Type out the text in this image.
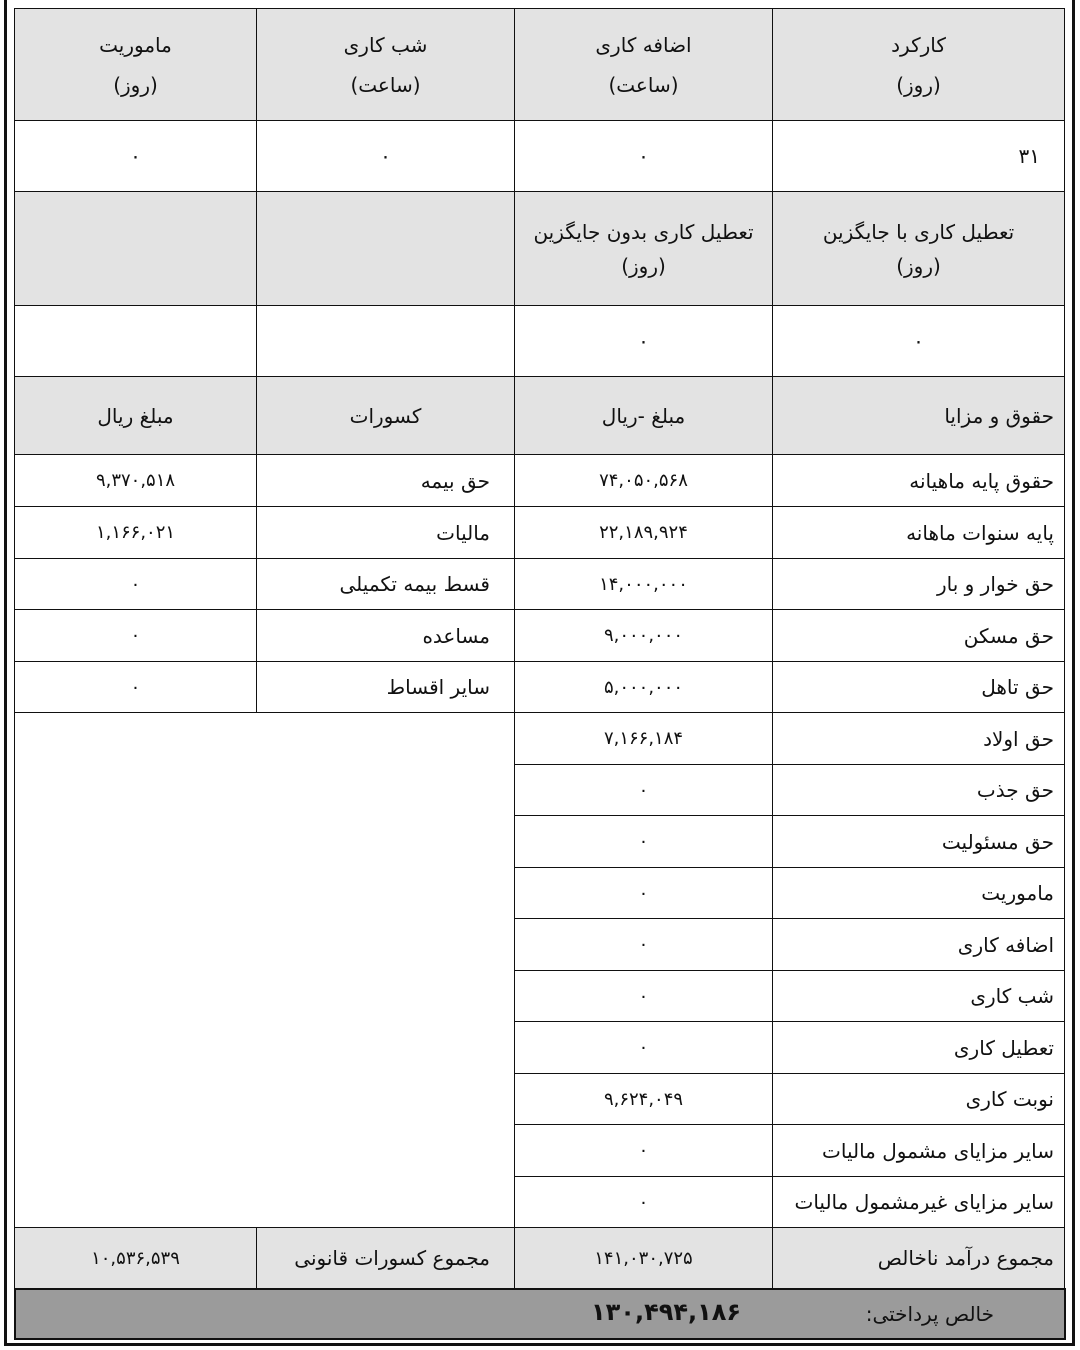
کارکرد
(روز)
اضافه کاری
(ساعت)
شب کاری
(ساعت)
ماموریت
(روز)
۳۱
۰
۰
۰
تعطیل کاری با جایگزین
(روز)
تعطیل کاری بدون جایگزین
(روز)
۰
۰
حقوق و مزایا
مبلغ -ریال
کسورات
مبلغ ریال
حقوق پایه ماهیانه
۷۴,۰۵۰,۵۶۸
پایه سنوات ماهانه
۲۲,۱۸۹,۹۲۴
حق خوار و بار
۱۴,۰۰۰,۰۰۰
حق مسکن
۹,۰۰۰,۰۰۰
حق تاهل
۵,۰۰۰,۰۰۰
حق اولاد
۷,۱۶۶,۱۸۴
حق جذب
۰
حق مسئولیت
۰
ماموریت
۰
اضافه کاری
۰
شب کاری
۰
تعطیل کاری
۰
نوبت کاری
۹,۶۲۴,۰۴۹
سایر مزایای مشمول مالیات
۰
سایر مزایای غیرمشمول مالیات
۰
حق بیمه
۹,۳۷۰,۵۱۸
مالیات
۱,۱۶۶,۰۲۱
قسط بیمه تکمیلی
۰
مساعده
۰
سایر اقساط
۰
مجموع درآمد ناخالص
۱۴۱,۰۳۰,۷۲۵
مجموع کسورات قانونی
۱۰,۵۳۶,۵۳۹
خالص پرداختی:
۱۳۰,۴۹۴,۱۸۶
